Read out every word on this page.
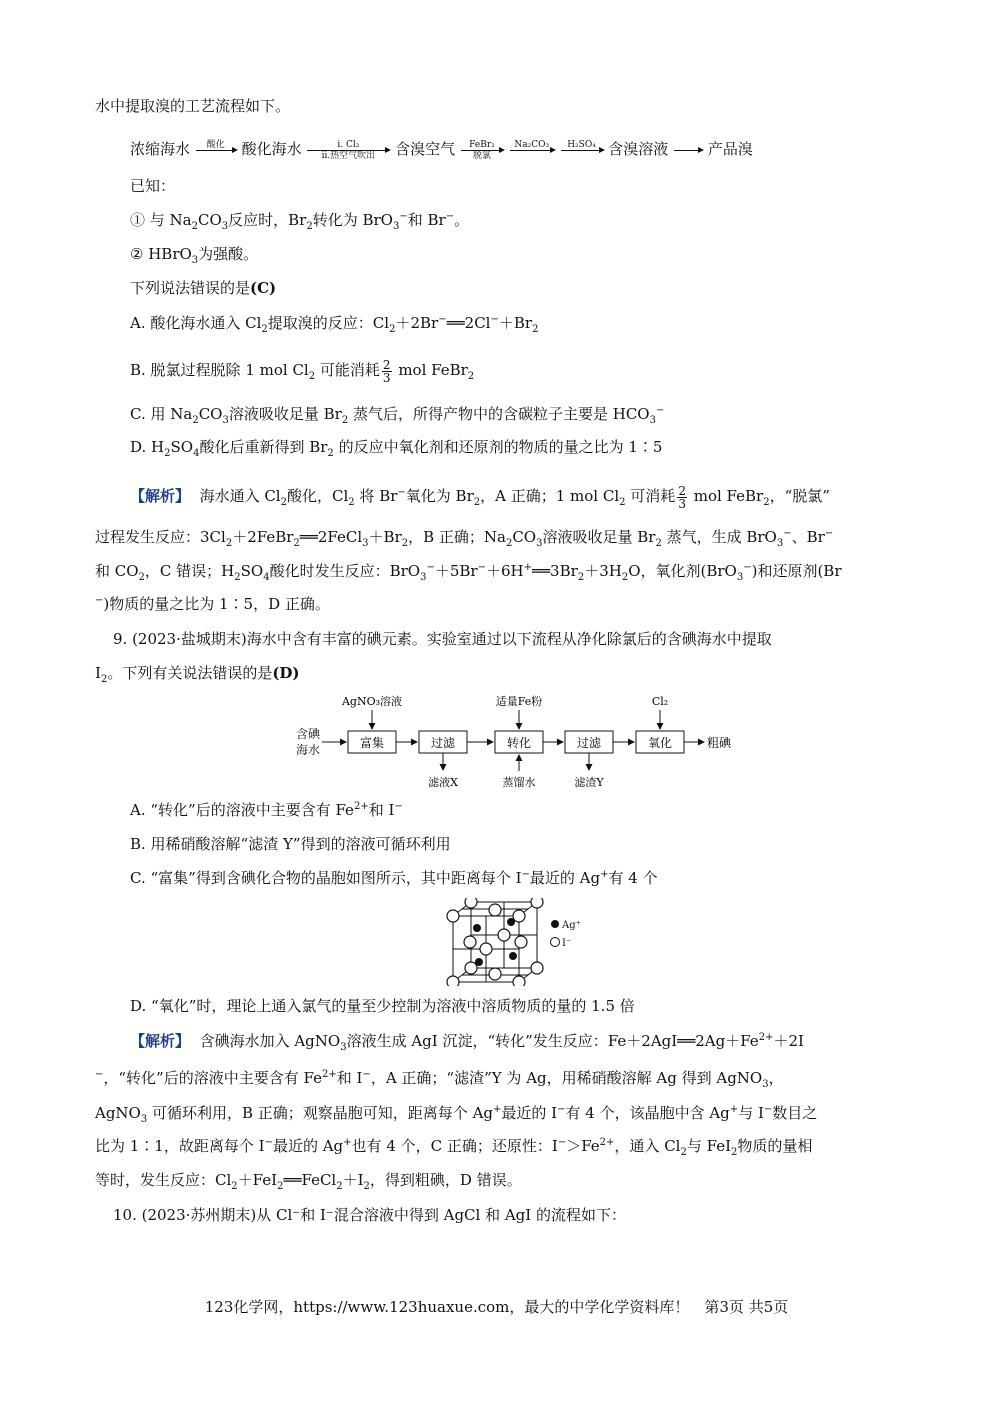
水中提取溴的工艺流程如下。
浓缩海水	酸化
	酸化海水	i. Cl₂
ii.热空气吹出	含溴空气	FeBr₂
脱氯

Na₂CO₃

	H₂SO₄
含溴溶液

	产品溴
已知：
① 与 $Na_2CO_3$反应时，$Br_2$转化为 BrO$_3$−和 Br−。
② HBrO$_3$为强酸。
下列说法错误的是(C)
A. 酸化海水通入 $Cl_2$提取溴的反应：$Cl_2+2Br^-══2Cl^-+Br_2$
B. 脱氯过程脱除 1 mol $Cl_2$ 可能消耗 $\frac{2}{3}$ mol FeBr$_2$
C. 用 $Na_2CO_3$溶液吸收足量 $Br_2$ 蒸气后，所得产物中的含碳粒子主要是 $HCO_3^-$
D. $H_2SO_4$酸化后重新得到 $Br_2$ 的反应中氧化剂和还原剂的物质的量之比为 1∶5
【解析】 海水通入 $Cl_2$酸化，$Cl_2$ 将 Br−氧化为 $Br_2$，A 正确；1 mol $Cl_2$ 可消耗 $\frac{2}{3}$ mol FeBr$_2$，“脱氯”
过程发生反应：$3Cl_2+2FeBr_2══2FeCl_3+Br_2$，B 正确；$Na_2CO_3$溶液吸收足量 $Br_2$ 蒸气，生成 BrO$_3$−、Br−
和 $CO_2$，C 错误；$H_2SO_4$酸化时发生反应：$BrO_3^-+5Br^-+6H^+══3Br_2+3H_2O$，氧化剂(BrO$_3$−)和还原剂(Br
−)物质的量之比为 1∶5，D 正确。
9. (2023·盐城期末)海水中含有丰富的碘元素。实验室通过以下流程从净化除氯后的含碘海水中提取
$I_2$。下列有关说法错误的是(D)
含碘
海水	富集	过滤	转化	过滤	氧化	粗碘
AgNO₃溶液	适量Fe粉	Cl₂
滤液X	蒸馏水	滤渣Y
A. “转化”后的溶液中主要含有 $Fe^{2+}$和 I−
B. 用稀硝酸溶解“滤渣 Y”得到的溶液可循环利用
C. “富集”得到含碘化合物的晶胞如图所示，其中距离每个 I−最近的 Ag+有 4 个
Ag⁺
I⁻
D. “氧化”时，理论上通入氯气的量至少控制为溶液中溶质物质的量的 1.5 倍
【解析】 含碘海水加入 AgNO$_3$溶液生成 AgI 沉淀，“转化”发生反应：$Fe+2AgI══2Ag+Fe^{2+}+2I$
−，“转化”后的溶液中主要含有 $Fe^{2+}$和 I−，A 正确；“滤渣”Y 为 Ag，用稀硝酸溶解 Ag 得到 AgNO$_3$，
AgNO$_3$ 可循环利用，B 正确；观察晶胞可知，距离每个 Ag+最近的 I−有 4 个，该晶胞中含 Ag+与 I−数目之
比为 1∶1，故距离每个 I−最近的 Ag+也有 4 个，C 正确；还原性：$I^->Fe^{2+}$，通入 $Cl_2$与 FeI$_2$物质的量相
等时，发生反应：$Cl_2+FeI_2══FeCl_2+I_2$，得到粗碘，D 错误。
10. (2023·苏州期末)从 Cl⁻和 I⁻混合溶液中得到 AgCl 和 AgI 的流程如下：
123化学网，https://www.123huaxue.com，最大的中学化学资料库！　第3页 共5页
